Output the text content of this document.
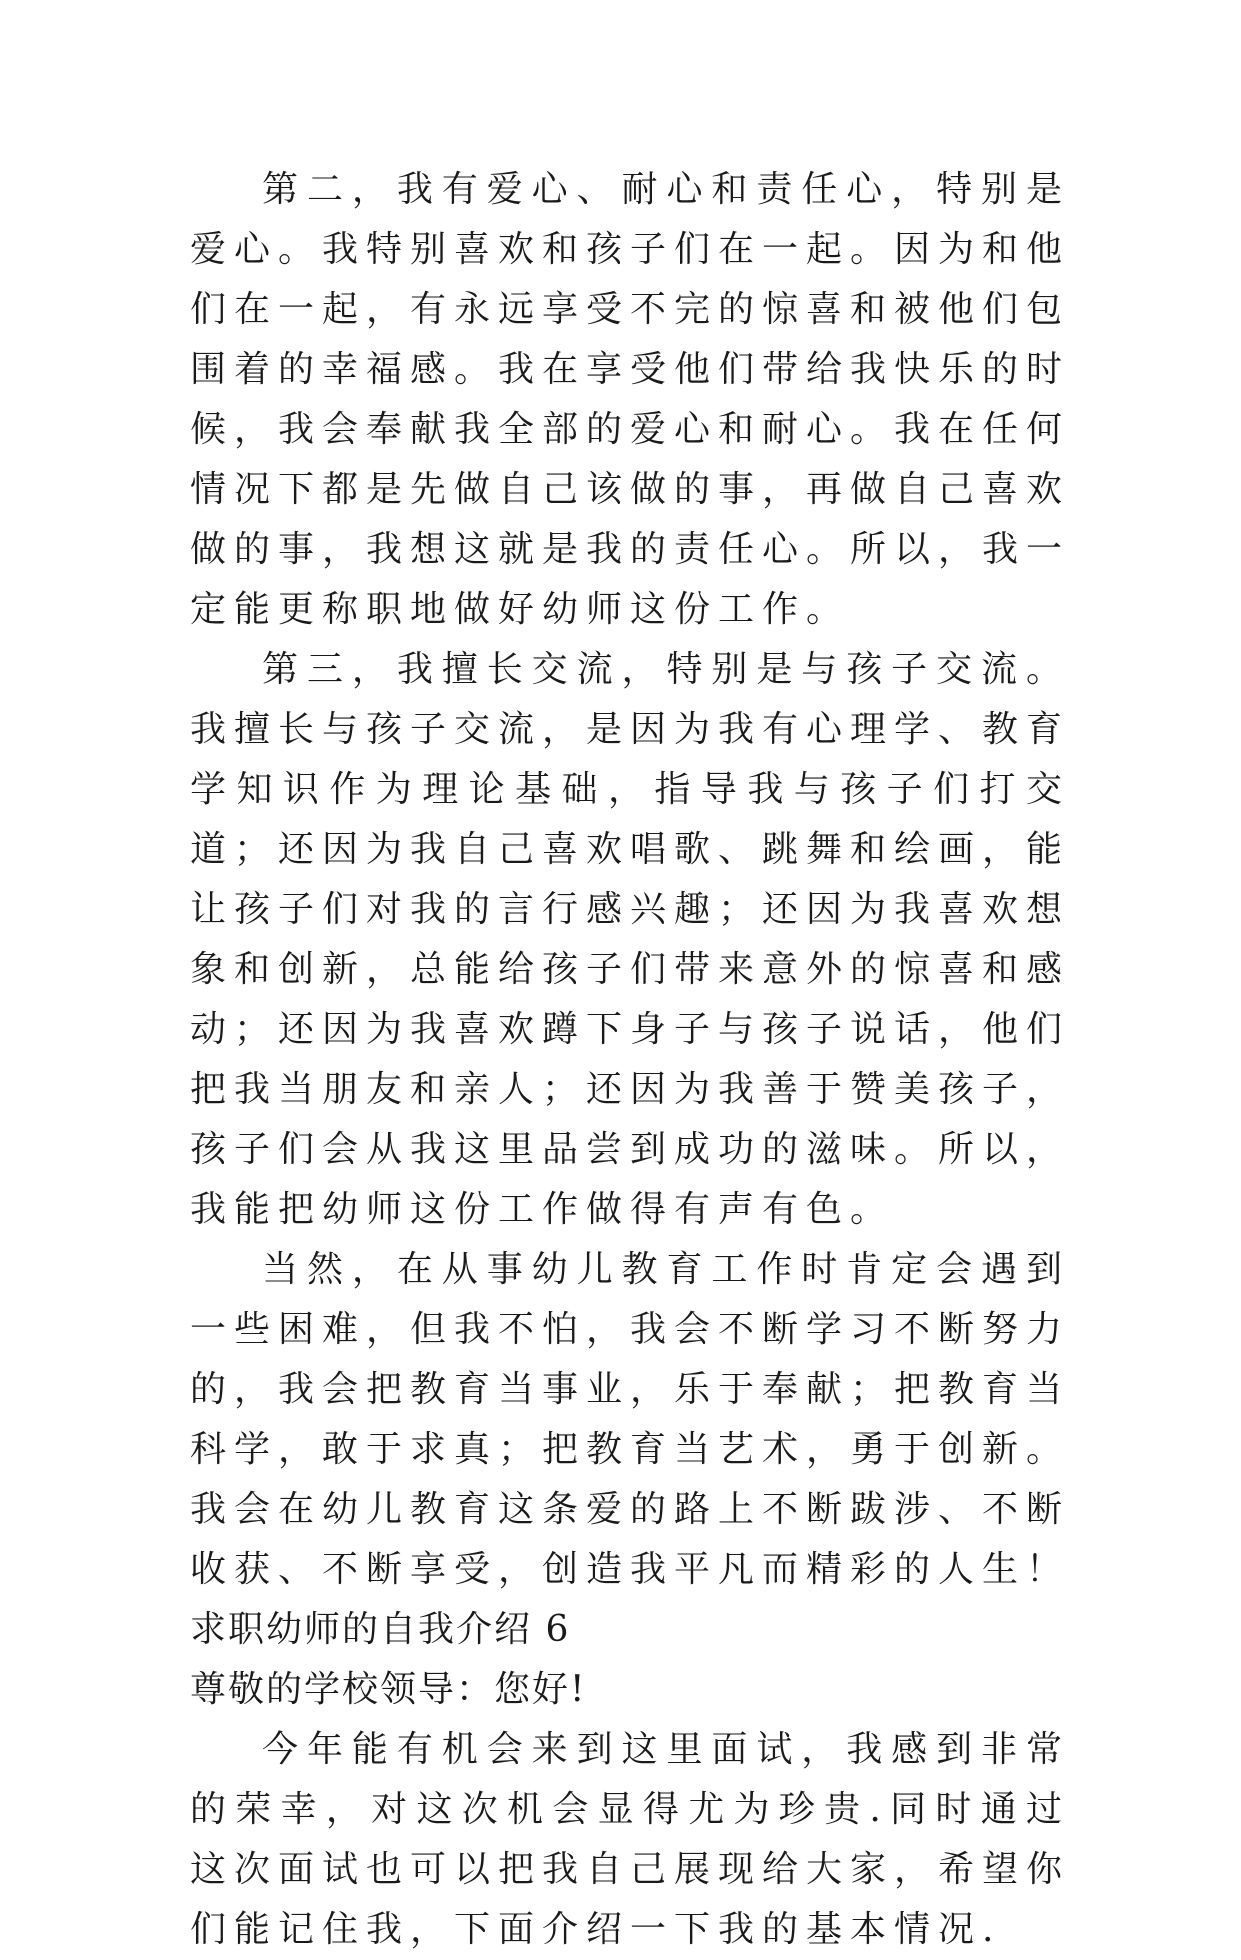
第二，我有爱心、耐心和责任心，特别是爱心。我特别喜欢和孩子们在一起。因为和他们在一起，有永远享受不完的惊喜和被他们包围着的幸福感。我在享受他们带给我快乐的时候，我会奉献我全部的爱心和耐心。我在任何情况下都是先做自己该做的事，再做自己喜欢做的事，我想这就是我的责任心。所以，我一定能更称职地做好幼师这份工作。

第三，我擅长交流，特别是与孩子交流。我擅长与孩子交流，是因为我有心理学、教育学知识作为理论基础，指导我与孩子们打交道；还因为我自己喜欢唱歌、跳舞和绘画，能让孩子们对我的言行感兴趣；还因为我喜欢想象和创新，总能给孩子们带来意外的惊喜和感动；还因为我喜欢蹲下身子与孩子说话，他们把我当朋友和亲人；还因为我善于赞美孩子，孩子们会从我这里品尝到成功的滋味。所以，我能把幼师这份工作做得有声有色。

当然，在从事幼儿教育工作时肯定会遇到一些困难，但我不怕，我会不断学习不断努力的，我会把教育当事业，乐于奉献；把教育当科学，敢于求真；把教育当艺术，勇于创新。我会在幼儿教育这条爱的路上不断跋涉、不断收获、不断享受，创造我平凡而精彩的人生！

求职幼师的自我介绍 6

尊敬的学校领导：您好!

今年能有机会来到这里面试，我感到非常的荣幸，对这次机会显得尤为珍贵.同时通过这次面试也可以把我自己展现给大家，希望你们能记住我，下面介绍一下我的基本情况.
